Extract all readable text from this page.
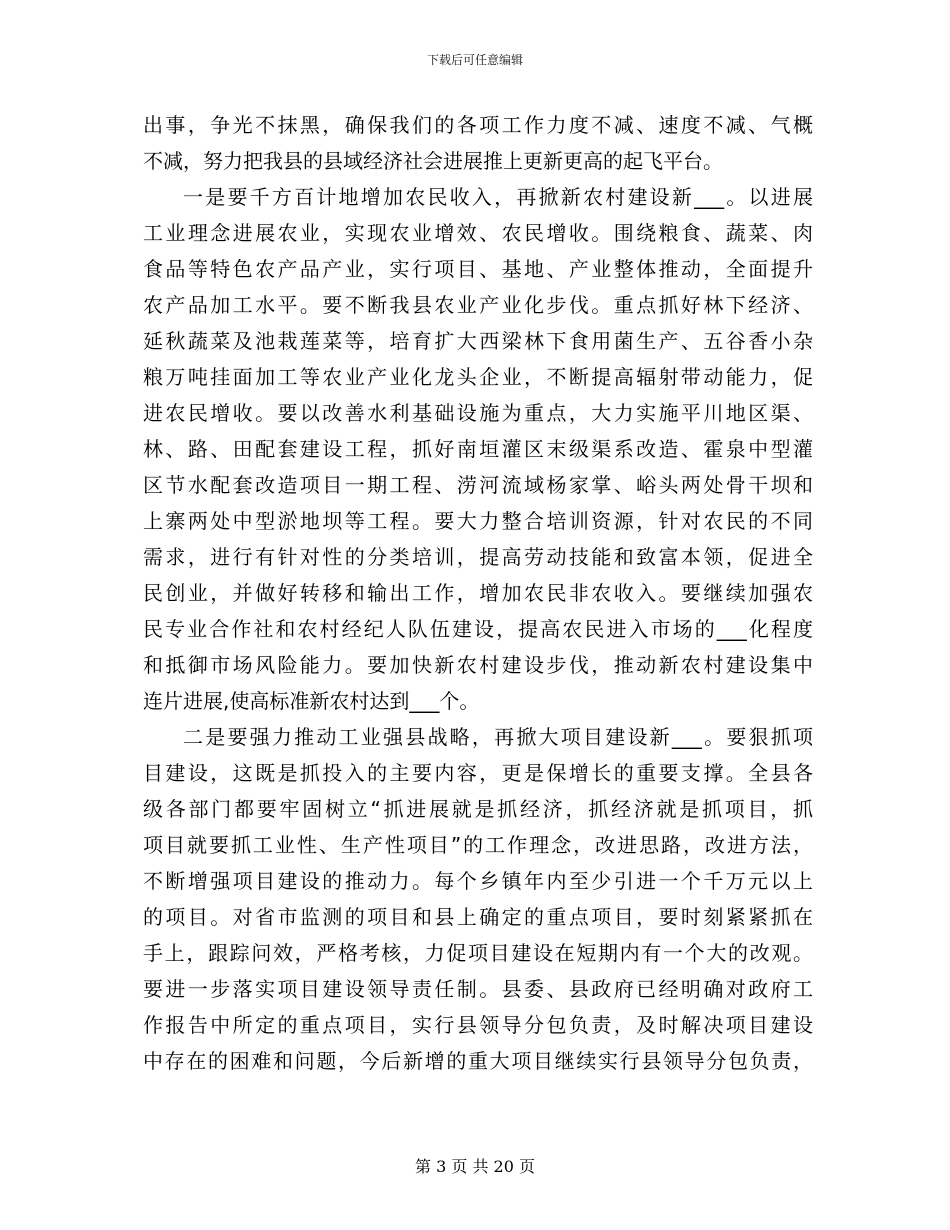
下载后可任意编辑
出事，争光不抹黑，确保我们的各项工作力度不减、速度不减、气概
不减，努力把我县的县域经济社会进展推上更新更高的起飞平台。
一是要千方百计地增加农民收入，再掀新农村建设新___。以进展
工业理念进展农业，实现农业增效、农民增收。围绕粮食、蔬菜、肉
食品等特色农产品产业，实行项目、基地、产业整体推动，全面提升
农产品加工水平。要不断我县农业产业化步伐。重点抓好林下经济、
延秋蔬菜及池栽莲菜等，培育扩大西梁林下食用菌生产、五谷香小杂
粮万吨挂面加工等农业产业化龙头企业，不断提高辐射带动能力，促
进农民增收。要以改善水利基础设施为重点，大力实施平川地区渠、
林、路、田配套建设工程，抓好南垣灌区末级渠系改造、霍泉中型灌
区节水配套改造项目一期工程、涝河流域杨家掌、峪头两处骨干坝和
上寨两处中型淤地坝等工程。要大力整合培训资源，针对农民的不同
需求，进行有针对性的分类培训，提高劳动技能和致富本领，促进全
民创业，并做好转移和输出工作，增加农民非农收入。要继续加强农
民专业合作社和农村经纪人队伍建设，提高农民进入市场的___化程度
和抵御市场风险能力。要加快新农村建设步伐，推动新农村建设集中
连片进展,使高标准新农村达到___个。
二是要强力推动工业强县战略，再掀大项目建设新___。要狠抓项
目建设，这既是抓投入的主要内容，更是保增长的重要支撑。全县各
级各部门都要牢固树立“抓进展就是抓经济，抓经济就是抓项目，抓
项目就要抓工业性、生产性项目”的工作理念，改进思路，改进方法，
不断增强项目建设的推动力。每个乡镇年内至少引进一个千万元以上
的项目。对省市监测的项目和县上确定的重点项目，要时刻紧紧抓在
手上，跟踪问效，严格考核，力促项目建设在短期内有一个大的改观。
要进一步落实项目建设领导责任制。县委、县政府已经明确对政府工
作报告中所定的重点项目，实行县领导分包负责，及时解决项目建设
中存在的困难和问题，今后新增的重大项目继续实行县领导分包负责，
第 3 页 共 20 页
